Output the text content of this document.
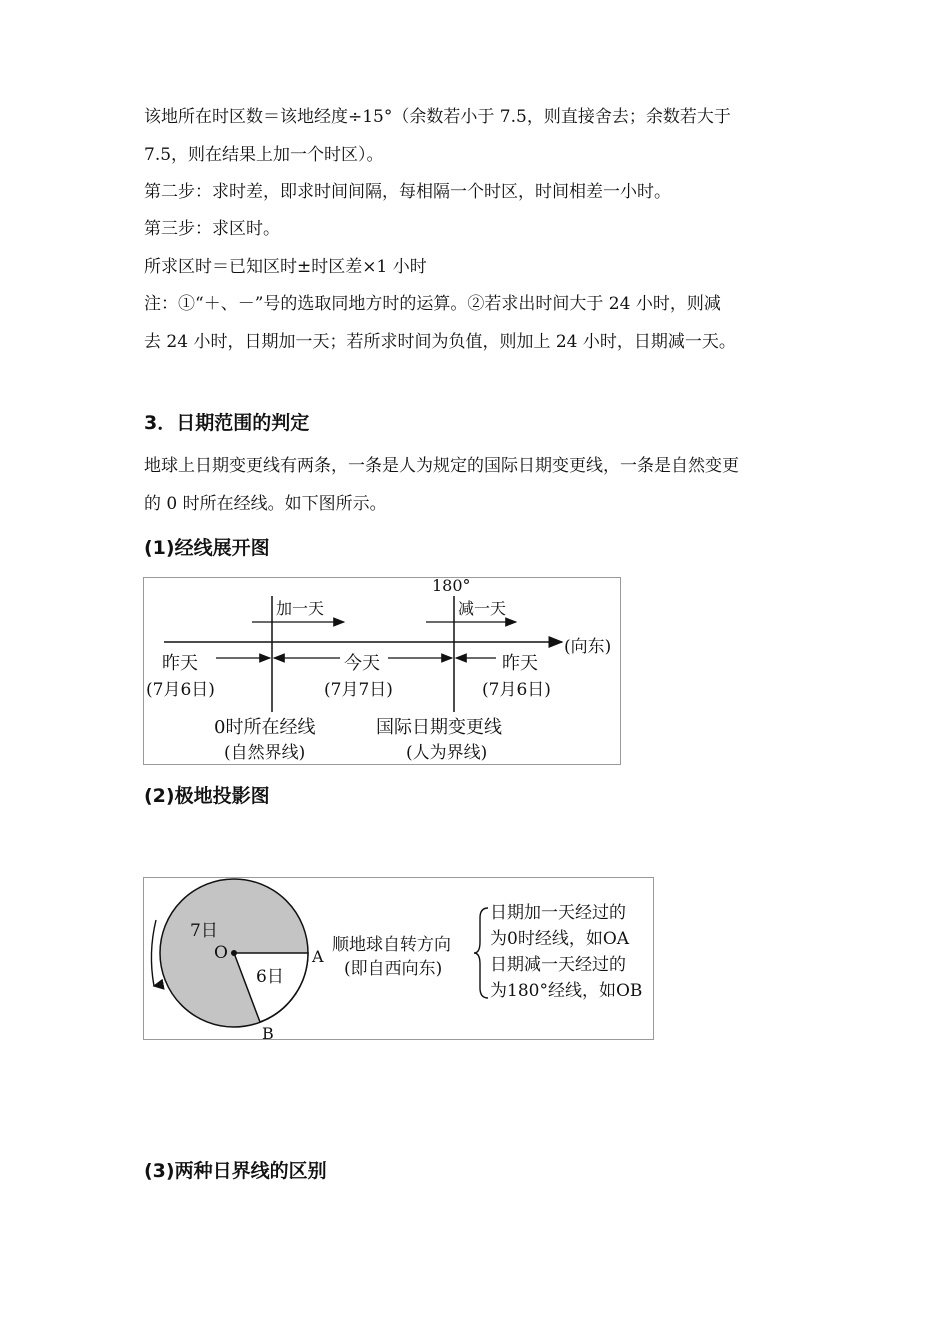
该地所在时区数＝该地经度÷15°（余数若小于 7.5，则直接舍去；余数若大于
7.5，则在结果上加一个时区）。
第二步：求时差，即求时间间隔，每相隔一个时区，时间相差一小时。
第三步：求区时。
所求区时＝已知区时±时区差×1 小时
注：①“＋、－”号的选取同地方时的运算。②若求出时间大于 24 小时，则减
去 24 小时，日期加一天；若所求时间为负值，则加上 24 小时，日期减一天。
3．日期范围的判定
地球上日期变更线有两条，一条是人为规定的国际日期变更线，一条是自然变更
的 0 时所在经线。如下图所示。
(1)经线展开图
180°
加一天	减一天
(向东)
昨天
(7月6日)
今天
(7月7日)
昨天
(7月6日)
0时所在经线
(自然界线)
国际日期变更线
(人为界线)
(2)极地投影图
7日
6日
O	A
B
顺地球自转方向
(即自西向东)
日期加一天经过的
为0时经线，如OA
日期减一天经过的
为180°经线，如OB
(3)两种日界线的区别
